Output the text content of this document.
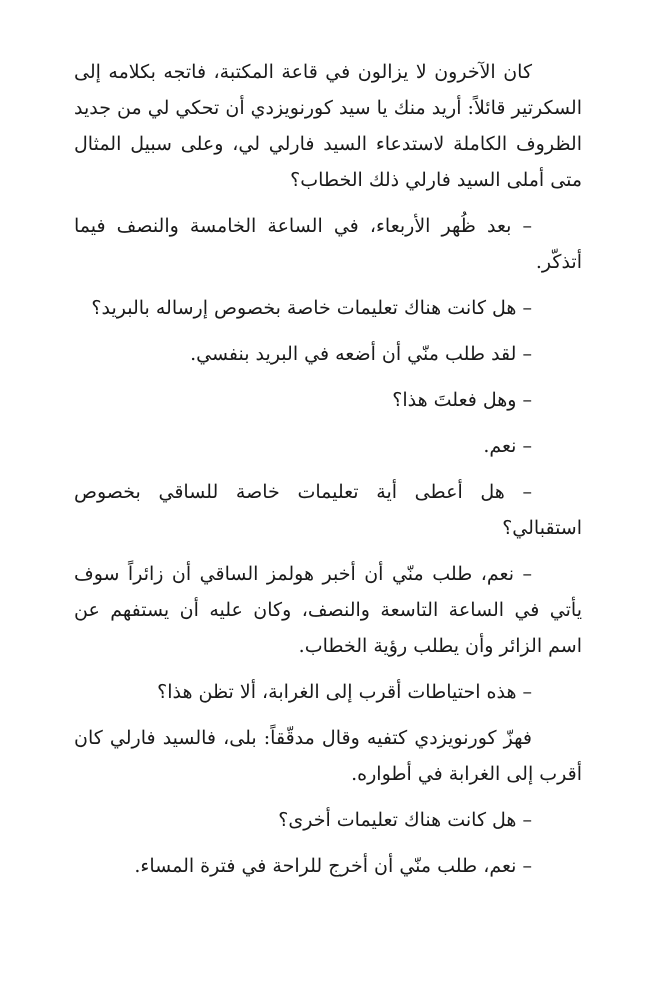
كان الآخرون لا يزالون في قاعة المكتبة، فاتجه بكلامه إلى السكرتير قائلاً: أريد منك يا سيد كورنويزدي أن تحكي لي من جديد الظروف الكاملة لاستدعاء السيد فارلي لي، وعلى سبيل المثال متى أملى السيد فارلي ذلك الخطاب؟

– بعد ظُهر الأربعاء، في الساعة الخامسة والنصف فيما أتذكّر.

– هل كانت هناك تعليمات خاصة بخصوص إرساله بالبريد؟

– لقد طلب منّي أن أضعه في البريد بنفسي.

– وهل فعلتَ هذا؟

– نعم.

– هل أعطى أية تعليمات خاصة للساقي بخصوص استقبالي؟

– نعم، طلب منّي أن أخبر هولمز الساقي أن زائراً سوف يأتي في الساعة التاسعة والنصف، وكان عليه أن يستفهم عن اسم الزائر وأن يطلب رؤية الخطاب.

– هذه احتياطات أقرب إلى الغرابة، ألا تظن هذا؟

فهزّ كورنويزدي كتفيه وقال مدقّقاً: بلى، فالسيد فارلي كان أقرب إلى الغرابة في أطواره.

– هل كانت هناك تعليمات أخرى؟

– نعم، طلب منّي أن أخرج للراحة في فترة المساء.
